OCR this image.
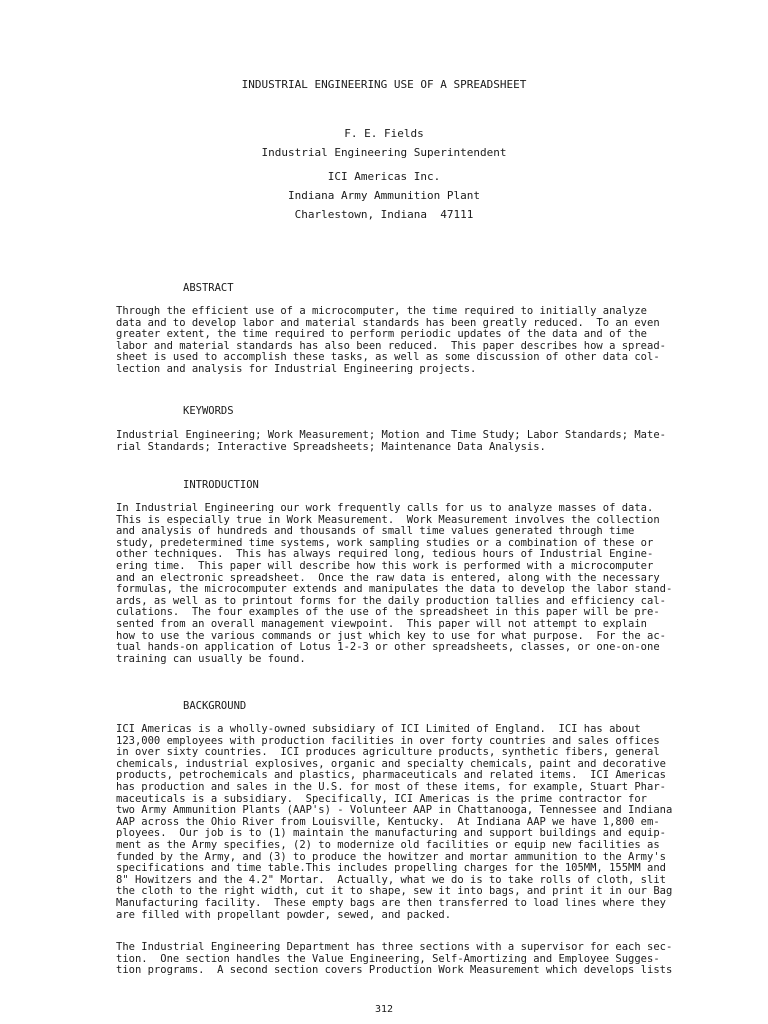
INDUSTRIAL ENGINEERING USE OF A SPREADSHEET
F. E. Fields
Industrial Engineering Superintendent
ICI Americas Inc.
Indiana Army Ammunition Plant
Charlestown, Indiana  47111
ABSTRACT
Through the efficient use of a microcomputer, the time required to initially analyze
data and to develop labor and material standards has been greatly reduced.  To an even
greater extent, the time required to perform periodic updates of the data and of the
labor and material standards has also been reduced.  This paper describes how a spread-
sheet is used to accomplish these tasks, as well as some discussion of other data col-
lection and analysis for Industrial Engineering projects.
KEYWORDS
Industrial Engineering; Work Measurement; Motion and Time Study; Labor Standards; Mate-
rial Standards; Interactive Spreadsheets; Maintenance Data Analysis.
INTRODUCTION
In Industrial Engineering our work frequently calls for us to analyze masses of data.
This is especially true in Work Measurement.  Work Measurement involves the collection
and analysis of hundreds and thousands of small time values generated through time
study, predetermined time systems, work sampling studies or a combination of these or
other techniques.  This has always required long, tedious hours of Industrial Engine-
ering time.  This paper will describe how this work is performed with a microcomputer
and an electronic spreadsheet.  Once the raw data is entered, along with the necessary
formulas, the microcomputer extends and manipulates the data to develop the labor stand-
ards, as well as to printout forms for the daily production tallies and efficiency cal-
culations.  The four examples of the use of the spreadsheet in this paper will be pre-
sented from an overall management viewpoint.  This paper will not attempt to explain
how to use the various commands or just which key to use for what purpose.  For the ac-
tual hands-on application of Lotus 1-2-3 or other spreadsheets, classes, or one-on-one
training can usually be found.
BACKGROUND
ICI Americas is a wholly-owned subsidiary of ICI Limited of England.  ICI has about
123,000 employees with production facilities in over forty countries and sales offices
in over sixty countries.  ICI produces agriculture products, synthetic fibers, general
chemicals, industrial explosives, organic and specialty chemicals, paint and decorative
products, petrochemicals and plastics, pharmaceuticals and related items.  ICI Americas
has production and sales in the U.S. for most of these items, for example, Stuart Phar-
maceuticals is a subsidiary.  Specifically, ICI Americas is the prime contractor for
two Army Ammunition Plants (AAP's) - Volunteer AAP in Chattanooga, Tennessee and Indiana
AAP across the Ohio River from Louisville, Kentucky.  At Indiana AAP we have 1,800 em-
ployees.  Our job is to (1) maintain the manufacturing and support buildings and equip-
ment as the Army specifies, (2) to modernize old facilities or equip new facilities as
funded by the Army, and (3) to produce the howitzer and mortar ammunition to the Army's
specifications and time table.This includes propelling charges for the 105MM, 155MM and
8" Howitzers and the 4.2" Mortar.  Actually, what we do is to take rolls of cloth, slit
the cloth to the right width, cut it to shape, sew it into bags, and print it in our Bag
Manufacturing facility.  These empty bags are then transferred to load lines where they
are filled with propellant powder, sewed, and packed.
The Industrial Engineering Department has three sections with a supervisor for each sec-
tion.  One section handles the Value Engineering, Self-Amortizing and Employee Sugges-
tion programs.  A second section covers Production Work Measurement which develops lists
312
